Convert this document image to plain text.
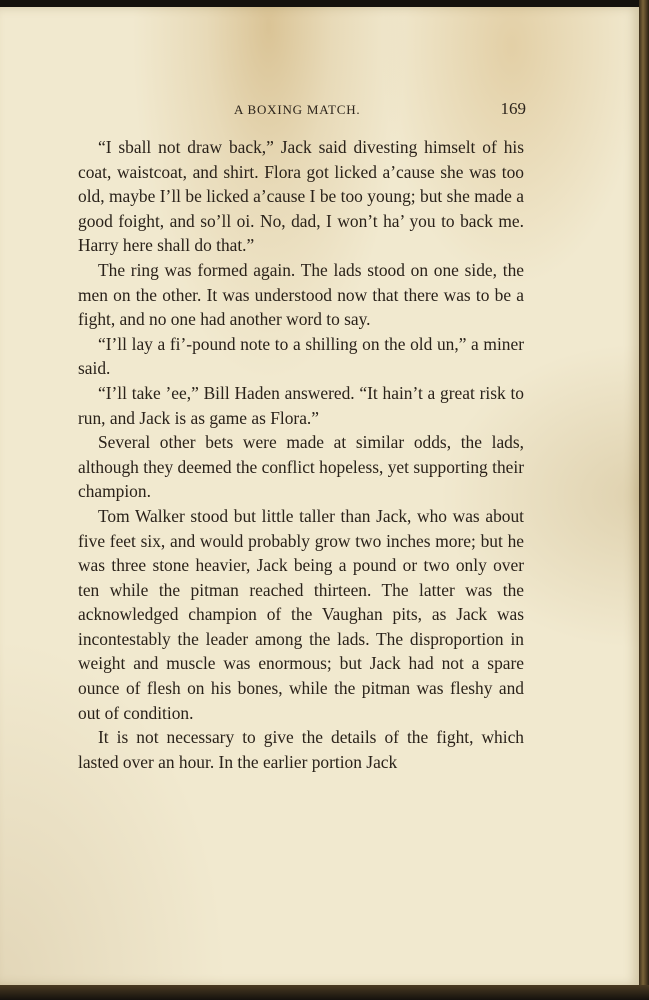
A BOXING MATCH.	169

“I sball not draw back,” Jack said divesting himselt of his coat, waistcoat, and shirt. Flora got licked a’cause she was too old, maybe I’ll be licked a’cause I be too young; but she made a good foight, and so’ll oi. No, dad, I won’t ha’ you to back me. Harry here shall do that.”

The ring was formed again. The lads stood on one side, the men on the other. It was understood now that there was to be a fight, and no one had another word to say.

“I’ll lay a fi’-pound note to a shilling on the old un,” a miner said.

“I’ll take ’ee,” Bill Haden answered. “It hain’t a great risk to run, and Jack is as game as Flora.”

Several other bets were made at similar odds, the lads, although they deemed the conflict hopeless, yet supporting their champion.

Tom Walker stood but little taller than Jack, who was about five feet six, and would probably grow two inches more; but he was three stone heavier, Jack being a pound or two only over ten while the pitman reached thirteen. The latter was the acknowledged champion of the Vaughan pits, as Jack was incontestably the leader among the lads. The disproportion in weight and muscle was enormous; but Jack had not a spare ounce of flesh on his bones, while the pitman was fleshy and out of condition.

It is not necessary to give the details of the fight, which lasted over an hour. In the earlier portion Jack
